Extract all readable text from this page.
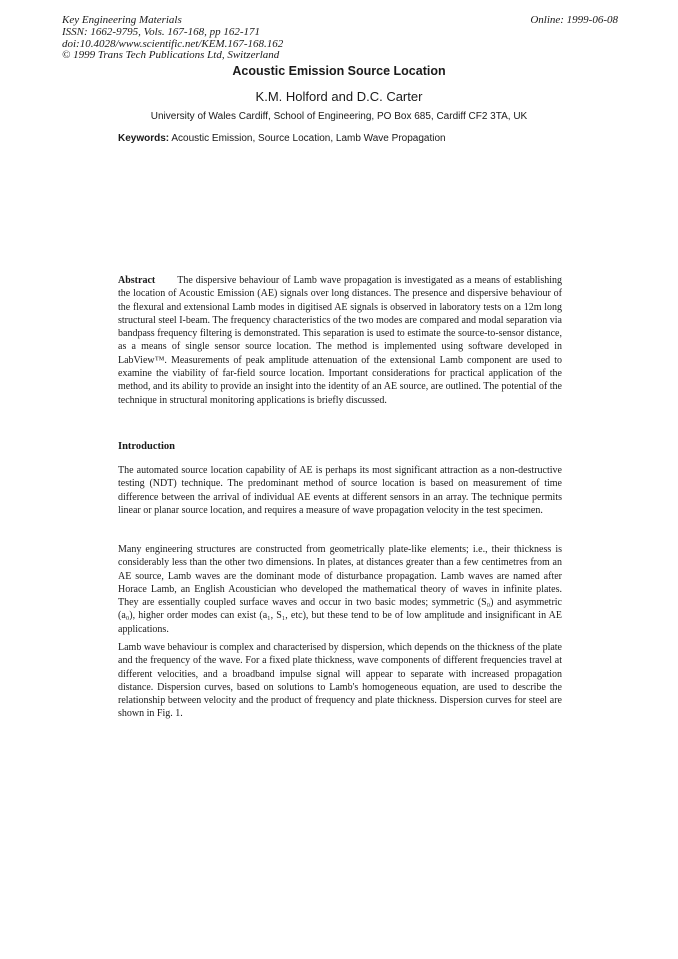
Key Engineering Materials
ISSN: 1662-9795, Vols. 167-168, pp 162-171
doi:10.4028/www.scientific.net/KEM.167-168.162
© 1999 Trans Tech Publications Ltd, Switzerland
Online: 1999-06-08
Acoustic Emission Source Location
K.M. Holford and D.C. Carter
University of Wales Cardiff, School of Engineering, PO Box 685, Cardiff CF2 3TA, UK
Keywords: Acoustic Emission, Source Location, Lamb Wave Propagation
Abstract The dispersive behaviour of Lamb wave propagation is investigated as a means of establishing the location of Acoustic Emission (AE) signals over long distances. The presence and dispersive behaviour of the flexural and extensional Lamb modes in digitised AE signals is observed in laboratory tests on a 12m long structural steel I-beam. The frequency characteristics of the two modes are compared and modal separation via bandpass frequency filtering is demonstrated. This separation is used to estimate the source-to-sensor distance, as a means of single sensor source location. The method is implemented using software developed in LabView™. Measurements of peak amplitude attenuation of the extensional Lamb component are used to examine the viability of far-field source location. Important considerations for practical application of the method, and its ability to provide an insight into the identity of an AE source, are outlined. The potential of the technique in structural monitoring applications is briefly discussed.
Introduction
The automated source location capability of AE is perhaps its most significant attraction as a non-destructive testing (NDT) technique. The predominant method of source location is based on measurement of time difference between the arrival of individual AE events at different sensors in an array. The technique permits linear or planar source location, and requires a measure of wave propagation velocity in the test specimen.
Many engineering structures are constructed from geometrically plate-like elements; i.e., their thickness is considerably less than the other two dimensions. In plates, at distances greater than a few centimetres from an AE source, Lamb waves are the dominant mode of disturbance propagation. Lamb waves are named after Horace Lamb, an English Acoustician who developed the mathematical theory of waves in infinite plates. They are essentially coupled surface waves and occur in two basic modes; symmetric (S₀) and asymmetric (a₀), higher order modes can exist (a₁, S₁, etc), but these tend to be of low amplitude and insignificant in AE applications.
Lamb wave behaviour is complex and characterised by dispersion, which depends on the thickness of the plate and the frequency of the wave. For a fixed plate thickness, wave components of different frequencies travel at different velocities, and a broadband impulse signal will appear to separate with increased propagation distance. Dispersion curves, based on solutions to Lamb's homogeneous equation, are used to describe the relationship between velocity and the product of frequency and plate thickness. Dispersion curves for steel are shown in Fig. 1.
